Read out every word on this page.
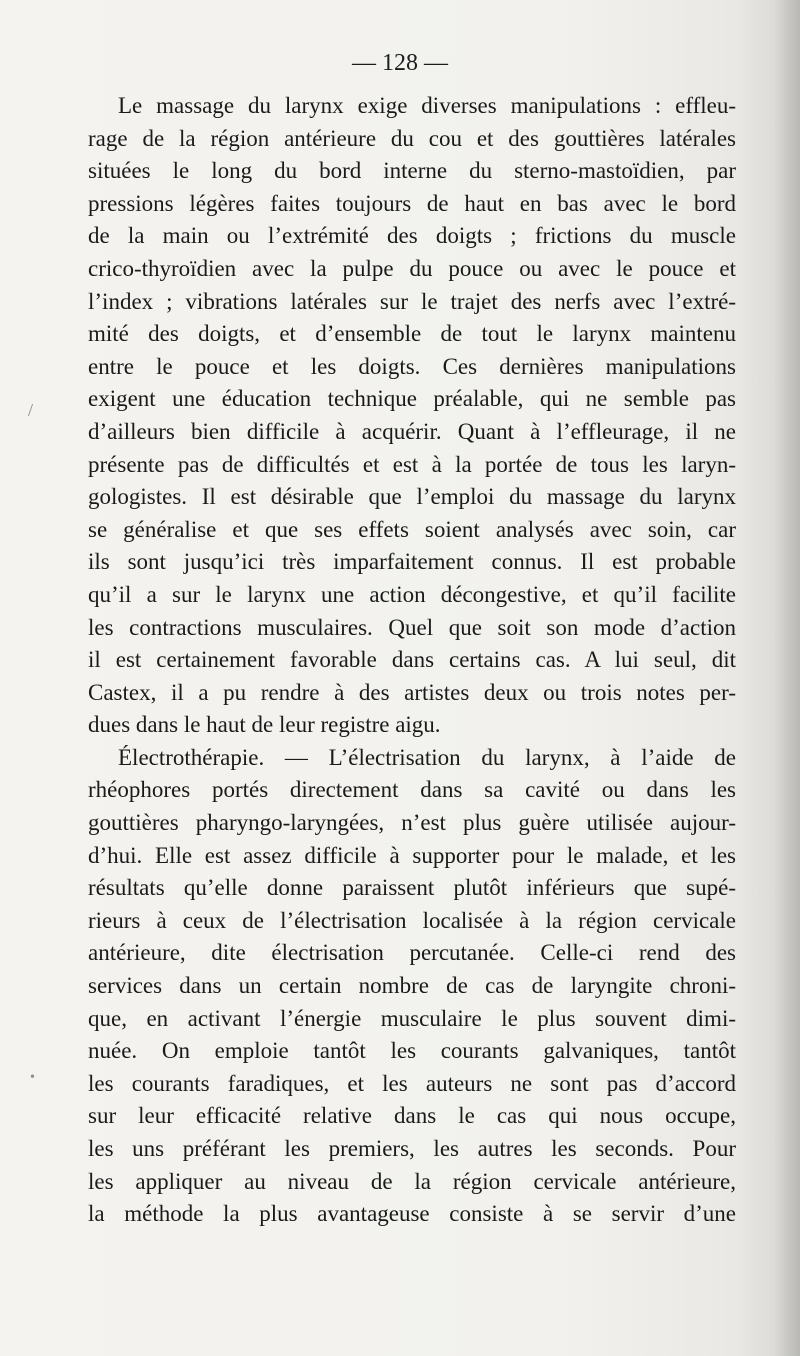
— 128 —
/
•
Le massage du larynx exige diverses manipulations : effleu-
rage de la région antérieure du cou et des gouttières latérales
situées le long du bord interne du sterno-mastoïdien, par
pressions légères faites toujours de haut en bas avec le bord
de la main ou l’extrémité des doigts ; frictions du muscle
crico-thyroïdien avec la pulpe du pouce ou avec le pouce et
l’index ; vibrations latérales sur le trajet des nerfs avec l’extré-
mité des doigts, et d’ensemble de tout le larynx maintenu
entre le pouce et les doigts. Ces dernières manipulations
exigent une éducation technique préalable, qui ne semble pas
d’ailleurs bien difficile à acquérir. Quant à l’effleurage, il ne
présente pas de difficultés et est à la portée de tous les laryn-
gologistes. Il est désirable que l’emploi du massage du larynx
se généralise et que ses effets soient analysés avec soin, car
ils sont jusqu’ici très imparfaitement connus. Il est probable
qu’il a sur le larynx une action décongestive, et qu’il facilite
les contractions musculaires. Quel que soit son mode d’action
il est certainement favorable dans certains cas. A lui seul, dit
Castex, il a pu rendre à des artistes deux ou trois notes per-
dues dans le haut de leur registre aigu.
Électrothérapie. — L’électrisation du larynx, à l’aide de
rhéophores portés directement dans sa cavité ou dans les
gouttières pharyngo-laryngées, n’est plus guère utilisée aujour-
d’hui. Elle est assez difficile à supporter pour le malade, et les
résultats qu’elle donne paraissent plutôt inférieurs que supé-
rieurs à ceux de l’électrisation localisée à la région cervicale
antérieure, dite électrisation percutanée. Celle-ci rend des
services dans un certain nombre de cas de laryngite chroni-
que, en activant l’énergie musculaire le plus souvent dimi-
nuée. On emploie tantôt les courants galvaniques, tantôt
les courants faradiques, et les auteurs ne sont pas d’accord
sur leur efficacité relative dans le cas qui nous occupe,
les uns préférant les premiers, les autres les seconds. Pour
les appliquer au niveau de la région cervicale antérieure,
la méthode la plus avantageuse consiste à se servir d’une
